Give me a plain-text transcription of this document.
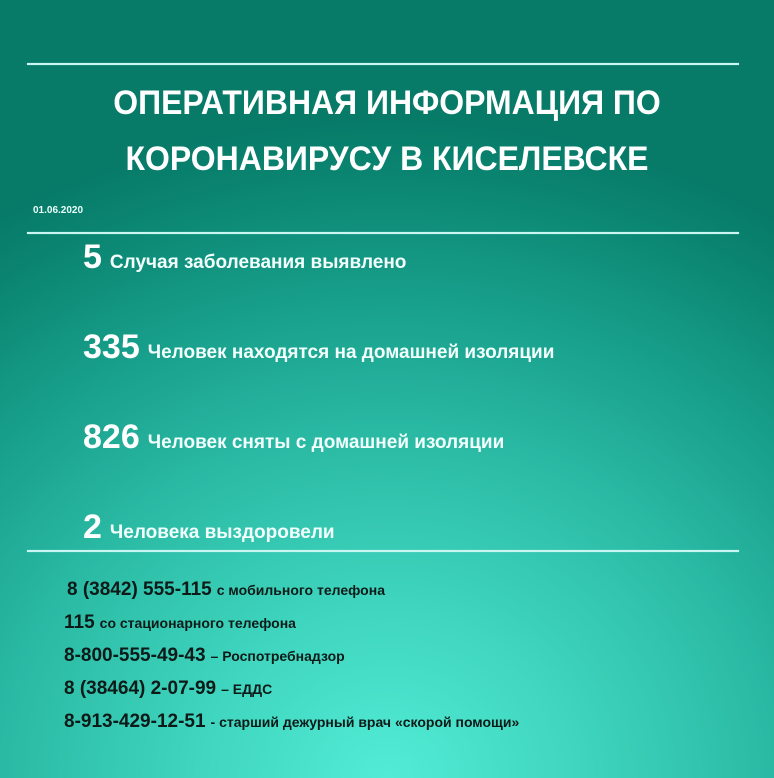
ОПЕРАТИВНАЯ ИНФОРМАЦИЯ ПО
КОРОНАВИРУСУ В КИСЕЛЕВСКЕ
01.06.2020
5 Случая заболевания выявлено
335 Человек находятся на домашней изоляции
826 Человек сняты с домашней изоляции
2 Человека выздоровели
8 (3842) 555-115 с мобильного телефона
115 со стационарного телефона
8-800-555-49-43 – Роспотребнадзор
8 (38464) 2-07-99 – ЕДДС
8-913-429-12-51 - старший дежурный врач «скорой помощи»
